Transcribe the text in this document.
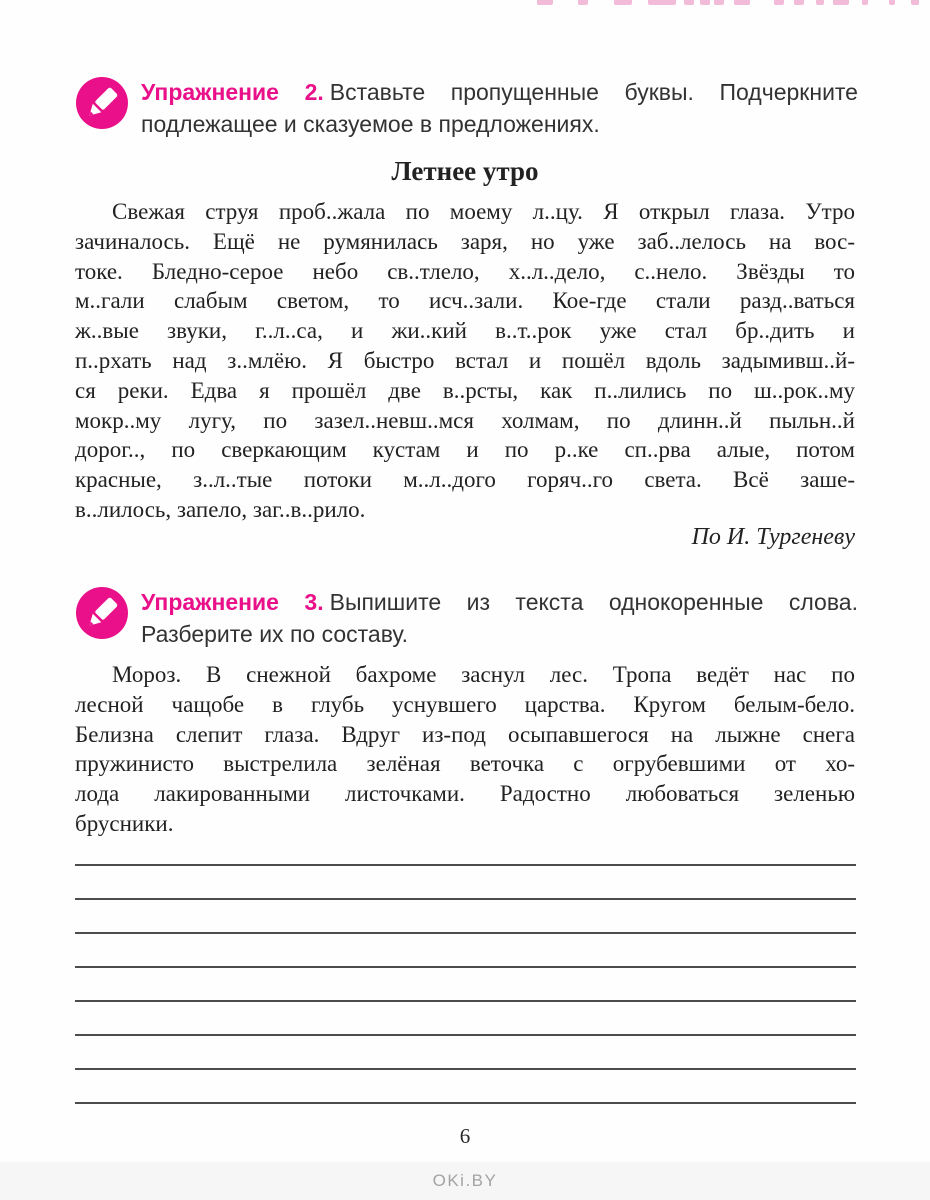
Упражнение 2. Вставьте пропущенные буквы. Подчеркните подлежащее и сказуемое в предложениях.

Летнее утро
Свежая струя проб..жала по моему л..цу. Я открыл глаза. Утро
зачиналось. Ещё не румянилась заря, но уже заб..лелось на вос-
токе. Бледно-серое небо св..тлело, х..л..дело, с..нело. Звёзды то
м..гали слабым светом, то исч..зали. Кое-где стали разд..ваться
ж..вые звуки, г..л..са, и жи..кий в..т..рок уже стал бр..дить и
п..рхать над з..млёю. Я быстро встал и пошёл вдоль задымивш..й-
ся реки. Едва я прошёл две в..рсты, как п..лились по ш..рок..му
мокр..му лугу, по зазел..невш..мся холмам, по длинн..й пыльн..й
дорог.., по сверкающим кустам и по р..ке сп..рва алые, потом
красные, з..л..тые потоки м..л..дого горяч..го света. Всё заше-
в..лилось, запело, заг..в..рило.
По И. Тургеневу

Упражнение 3. Выпишите из текста однокоренные слова. Разберите их по составу.

Мороз. В снежной бахроме заснул лес. Тропа ведёт нас по
лесной чащобе в глубь уснувшего царства. Кругом белым-бело.
Белизна слепит глаза. Вдруг из-под осыпавшегося на лыжне снега
пружинисто выстрелила зелёная веточка с огрубевшими от хо-
лода лакированными листочками. Радостно любоваться зеленью
брусники.
6
OKi.BY
